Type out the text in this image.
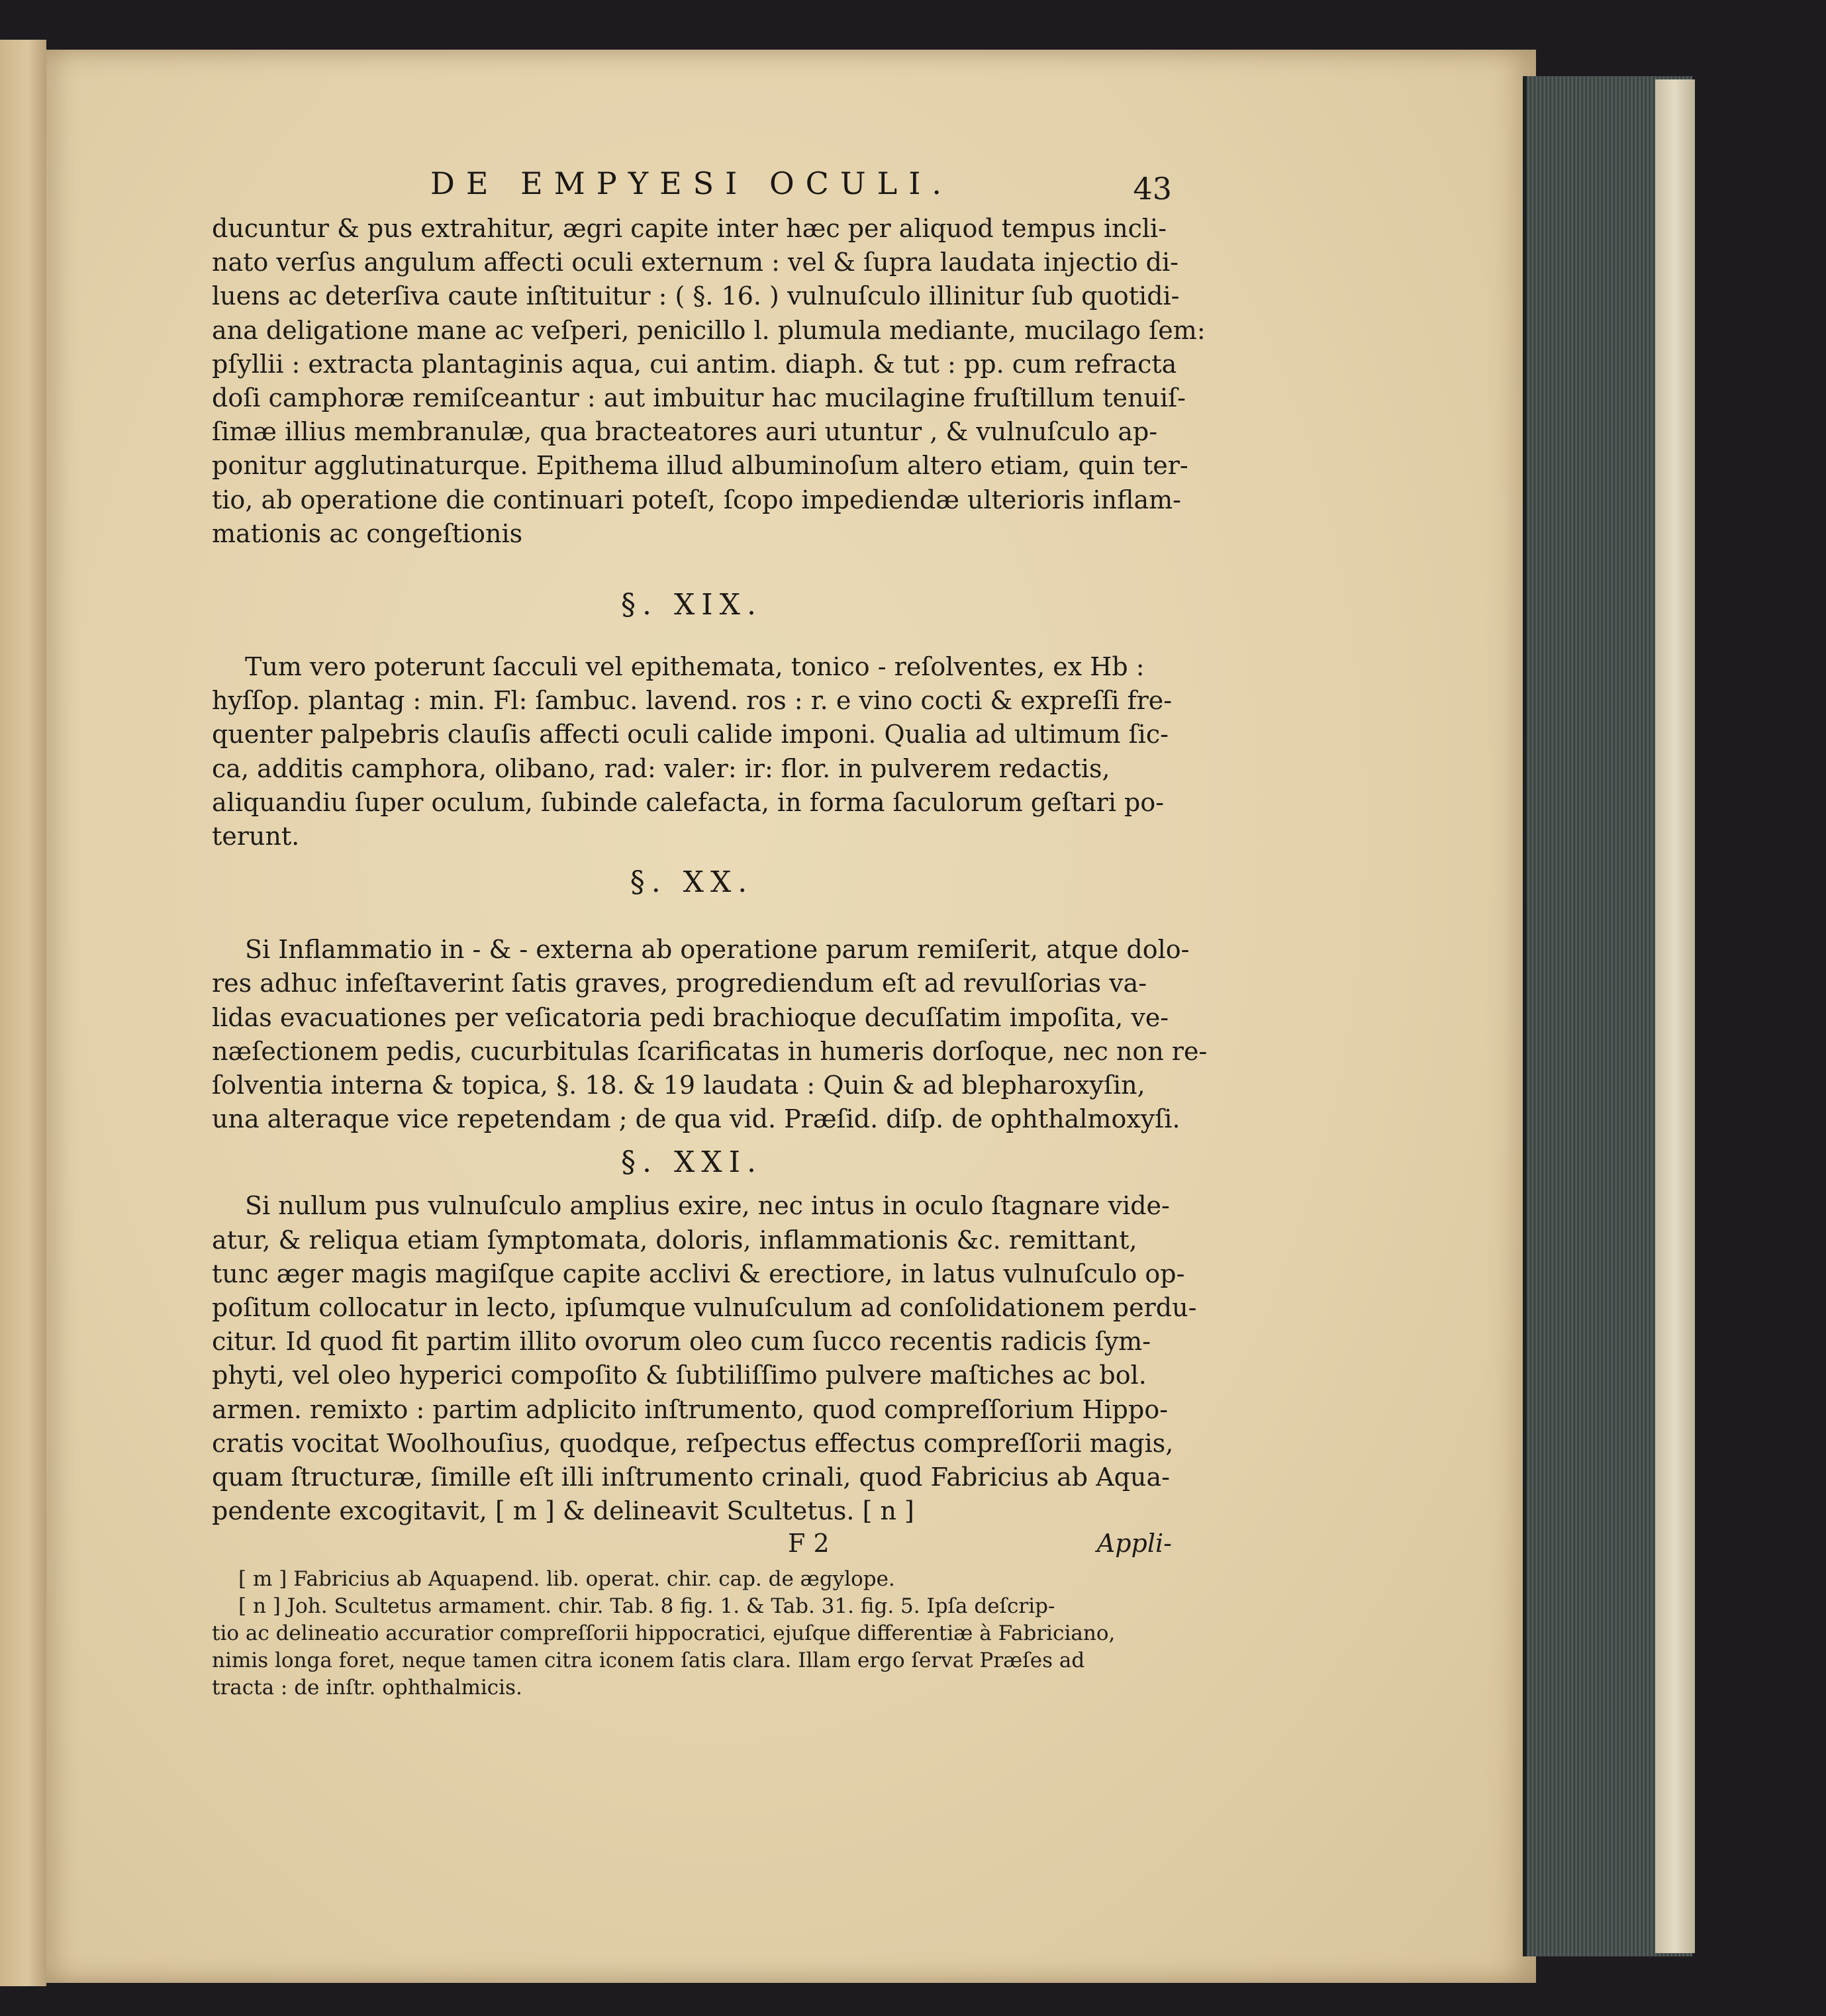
DE EMPYESI OCULI.	43

ducuntur & pus extrahitur, ægri capite inter hæc per aliquod tempus incli-
nato verſus angulum affecti oculi externum : vel & ſupra laudata injectio di-
luens ac deterſiva caute inſtituitur : ( §. 16. ) vulnuſculo illinitur ſub quotidi-
ana deligatione mane ac veſperi, penicillo l. plumula mediante, mucilago ſem:
pſyllii : extracta plantaginis aqua, cui antim. diaph. & tut : pp. cum refracta
doſi camphoræ remiſceantur : aut imbuitur hac mucilagine fruſtillum tenuiſ-
ſimæ illius membranulæ, qua bracteatores auri utuntur , & vulnuſculo ap-
ponitur agglutinaturque. Epithema illud albuminoſum altero etiam, quin ter-
tio, ab operatione die continuari poteſt, ſcopo impediendæ ulterioris inflam-
mationis ac congeſtionis

§. XIX.

Tum vero poterunt ſacculi vel epithemata, tonico - reſolventes, ex Hb :
hyſſop. plantag : min. Fl: ſambuc. lavend. ros : r. e vino cocti & expreſſi fre-
quenter palpebris clauſis affecti oculi calide imponi. Qualia ad ultimum ſic-
ca, additis camphora, olibano, rad: valer: ir: flor. in pulverem redactis,
aliquandiu ſuper oculum, ſubinde calefacta, in forma ſaculorum geſtari po-
terunt.

§. XX.

Si Inflammatio in - & - externa ab operatione parum remiſerit, atque dolo-
res adhuc infeſtaverint ſatis graves, progrediendum eſt ad revulſorias va-
lidas evacuationes per veſicatoria pedi brachioque decuſſatim impoſita, ve-
næſectionem pedis, cucurbitulas ſcarificatas in humeris dorſoque, nec non re-
ſolventia interna & topica, §. 18. & 19 laudata : Quin & ad blepharoxyſin,
una alteraque vice repetendam ; de qua vid. Præſid. diſp. de ophthalmoxyſi.

§. XXI.

Si nullum pus vulnuſculo amplius exire, nec intus in oculo ſtagnare vide-
atur, & reliqua etiam ſymptomata, doloris, inflammationis &c. remittant,
tunc æger magis magiſque capite acclivi & erectiore, in latus vulnuſculo op-
poſitum collocatur in lecto, ipſumque vulnuſculum ad conſolidationem perdu-
citur. Id quod fit partim illito ovorum oleo cum ſucco recentis radicis ſym-
phyti, vel oleo hyperici compoſito & ſubtiliſſimo pulvere maſtiches ac bol.
armen. remixto : partim adplicito inſtrumento, quod compreſſorium Hippo-
cratis vocitat Woolhouſius, quodque, reſpectus effectus compreſſorii magis,
quam ſtructuræ, ſimille eſt illi inſtrumento crinali, quod Fabricius ab Aqua-
pendente excogitavit, [ m ] & delineavit Scultetus. [ n ]

F 2	Appli-
[ m ] Fabricius ab Aquapend. lib. operat. chir. cap. de ægylope.
[ n ] Joh. Scultetus armament. chir. Tab. 8 fig. 1. & Tab. 31. fig. 5. Ipſa deſcrip-
tio ac delineatio accuratior compreſſorii hippocratici, ejuſque differentiæ à Fabriciano,
nimis longa foret, neque tamen citra iconem ſatis clara. Illam ergo ſervat Præſes ad
tracta : de inſtr. ophthalmicis.
